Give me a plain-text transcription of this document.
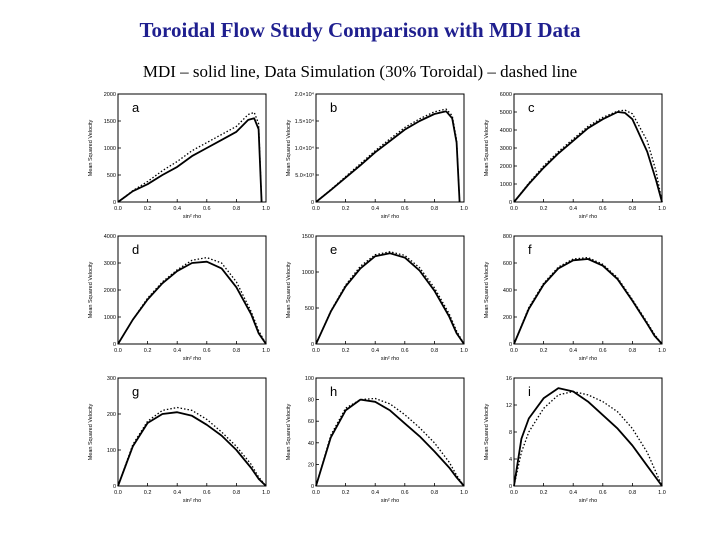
Toroidal Flow Study Comparison with MDI Data
MDI – solid line, Data Simulation (30% Toroidal) – dashed line
0.0	0.2	0.4	0.6	0.8	1.0
0
500
1000
1500
2000
sin² rho
Mean Squared Velocity
a
0.0	0.2	0.4	0.6	0.8	1.0
0
5.0×10³
1.0×10⁴
1.5×10⁴
2.0×10⁴
sin² rho
Mean Squared Velocity
b
0.0	0.2	0.4	0.6	0.8	1.0
0
1000
2000
3000
4000
5000
6000
sin² rho
Mean Squared Velocity
c
0.0	0.2	0.4	0.6	0.8	1.0
0
1000
2000
3000
4000
sin² rho
Mean Squared Velocity
d
0.0	0.2	0.4	0.6	0.8	1.0
0
500
1000
1500
sin² rho
Mean Squared Velocity
e
0.0	0.2	0.4	0.6	0.8	1.0
0
200
400
600
800
sin² rho
Mean Squared Velocity
f
0.0	0.2	0.4	0.6	0.8	1.0
0
100
200
300
sin² rho
Mean Squared Velocity
g
0.0	0.2	0.4	0.6	0.8	1.0
0
20
40
60
80
100
sin² rho
Mean Squared Velocity
h
0.0	0.2	0.4	0.6	0.8	1.0
0
4
8
12
16
sin² rho
Mean Squared Velocity
i
